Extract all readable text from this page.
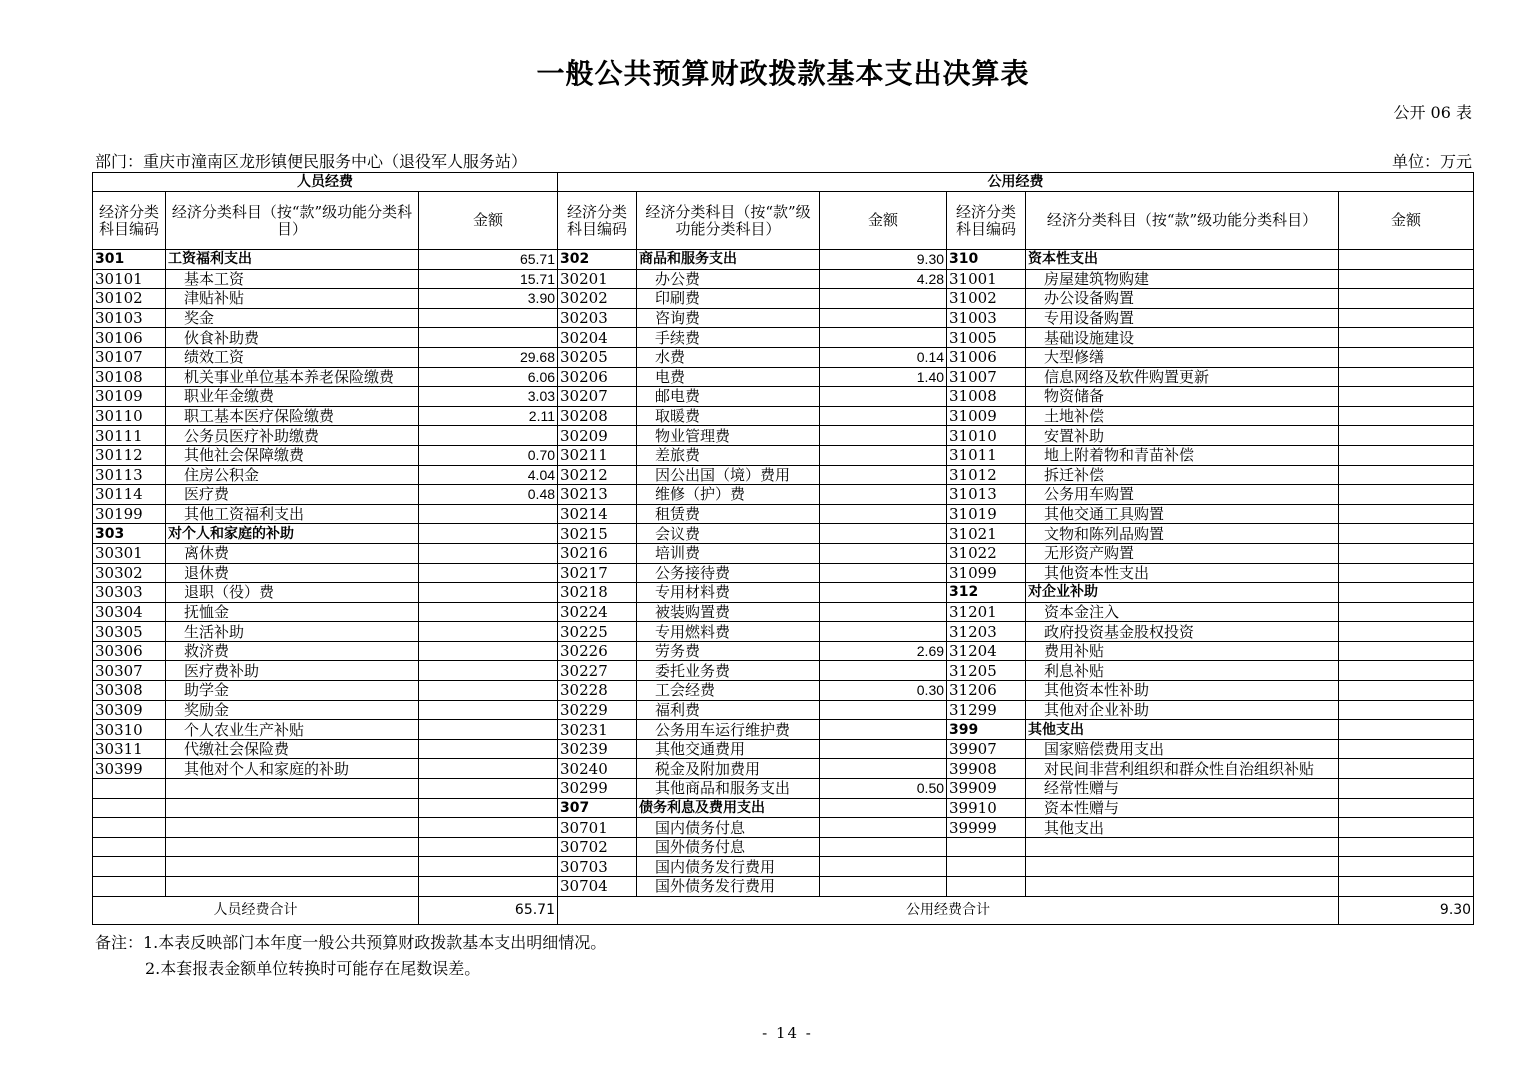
一般公共预算财政拨款基本支出决算表
公开 06 表
部门：重庆市潼南区龙形镇便民服务中心（退役军人服务站）	单位：万元
人员经费			公用经费					
经济分类科目编码	经济分类科目（按“款”级功能分类科目）	金额	经济分类科目编码	经济分类科目（按“款”级功能分类科目）	金额	经济分类科目编码	经济分类科目（按“款”级功能分类科目）	金额
301	工资福利支出	65.71	302	商品和服务支出	9.30	310	资本性支出	
30101	基本工资	15.71	30201	办公费	4.28	31001	房屋建筑物购建	
30102	津贴补贴	3.90	30202	印刷费		31002	办公设备购置	
30103	奖金		30203	咨询费		31003	专用设备购置	
30106	伙食补助费		30204	手续费		31005	基础设施建设	
30107	绩效工资	29.68	30205	水费	0.14	31006	大型修缮	
30108	机关事业单位基本养老保险缴费	6.06	30206	电费	1.40	31007	信息网络及软件购置更新	
30109	职业年金缴费	3.03	30207	邮电费		31008	物资储备	
30110	职工基本医疗保险缴费	2.11	30208	取暖费		31009	土地补偿	
30111	公务员医疗补助缴费		30209	物业管理费		31010	安置补助	
30112	其他社会保障缴费	0.70	30211	差旅费		31011	地上附着物和青苗补偿	
30113	住房公积金	4.04	30212	因公出国（境）费用		31012	拆迁补偿	
30114	医疗费	0.48	30213	维修（护）费		31013	公务用车购置	
30199	其他工资福利支出		30214	租赁费		31019	其他交通工具购置	
303	对个人和家庭的补助		30215	会议费		31021	文物和陈列品购置	
30301	离休费		30216	培训费		31022	无形资产购置	
30302	退休费		30217	公务接待费		31099	其他资本性支出	
30303	退职（役）费		30218	专用材料费		312	对企业补助	
30304	抚恤金		30224	被装购置费		31201	资本金注入	
30305	生活补助		30225	专用燃料费		31203	政府投资基金股权投资	
30306	救济费		30226	劳务费	2.69	31204	费用补贴	
30307	医疗费补助		30227	委托业务费		31205	利息补贴	
30308	助学金		30228	工会经费	0.30	31206	其他资本性补助	
30309	奖励金		30229	福利费		31299	其他对企业补助	
30310	个人农业生产补贴		30231	公务用车运行维护费		399	其他支出	
30311	代缴社会保险费		30239	其他交通费用		39907	国家赔偿费用支出	
30399	其他对个人和家庭的补助		30240	税金及附加费用		39908	对民间非营利组织和群众性自治组织补贴	
			30299	其他商品和服务支出	0.50	39909	经常性赠与	
			307	债务利息及费用支出		39910	资本性赠与	
			30701	国内债务付息		39999	其他支出	
			30702	国外债务付息				
			30703	国内债务发行费用				
			30704	国外债务发行费用				
人员经费合计		65.71	公用经费合计					9.30
备注：1.本表反映部门本年度一般公共预算财政拨款基本支出明细情况。
2.本套报表金额单位转换时可能存在尾数误差。
- 14 -
